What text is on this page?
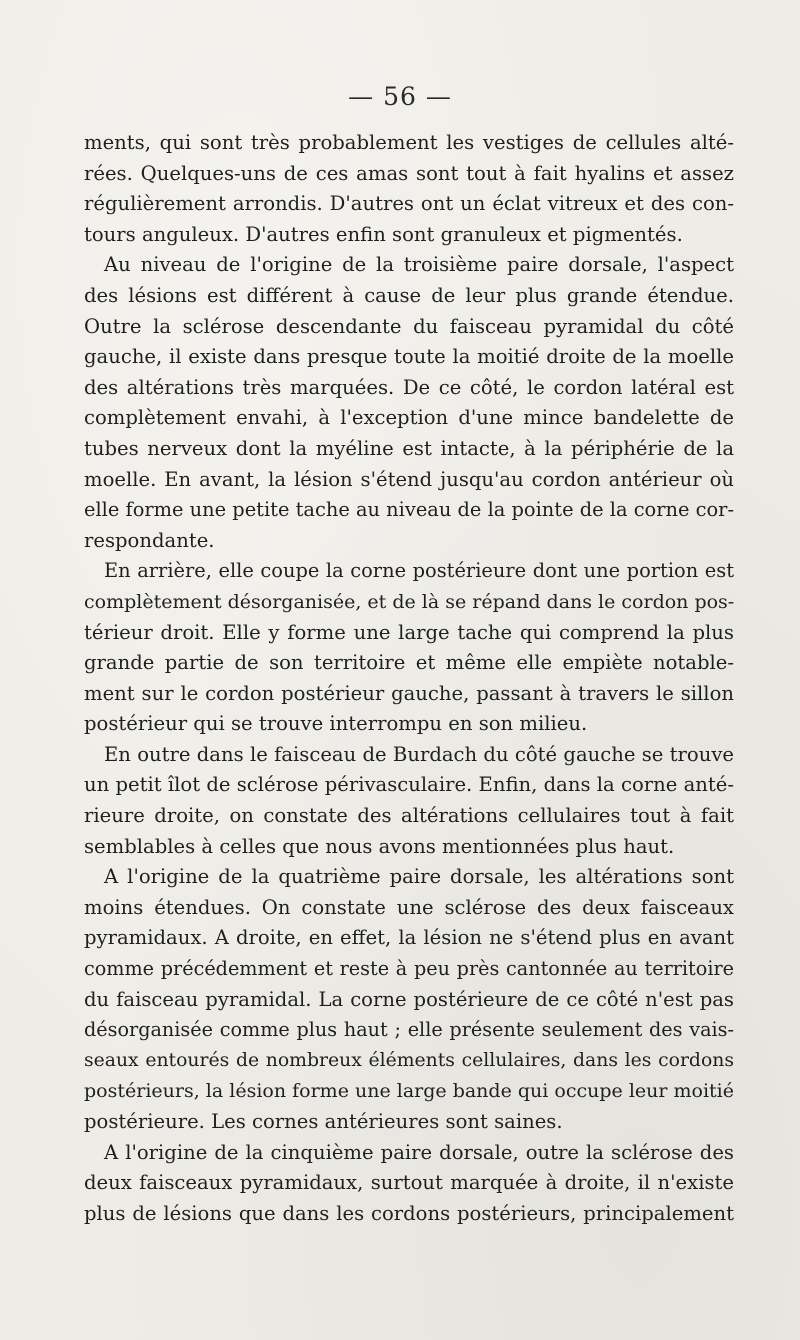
— 56 —
ments, qui sont très probablement les vestiges de cellules alté-
rées. Quelques-uns de ces amas sont tout à fait hyalins et assez
régulièrement arrondis. D'autres ont un éclat vitreux et des con-
tours anguleux. D'autres enfin sont granuleux et pigmentés.
Au niveau de l'origine de la troisième paire dorsale, l'aspect
des lésions est différent à cause de leur plus grande étendue.
Outre la sclérose descendante du faisceau pyramidal du côté
gauche, il existe dans presque toute la moitié droite de la moelle
des altérations très marquées. De ce côté, le cordon latéral est
complètement envahi, à l'exception d'une mince bandelette de
tubes nerveux dont la myéline est intacte, à la périphérie de la
moelle. En avant, la lésion s'étend jusqu'au cordon antérieur où
elle forme une petite tache au niveau de la pointe de la corne cor-
respondante.
En arrière, elle coupe la corne postérieure dont une portion est
complètement désorganisée, et de là se répand dans le cordon pos-
térieur droit. Elle y forme une large tache qui comprend la plus
grande partie de son territoire et même elle empiète notable-
ment sur le cordon postérieur gauche, passant à travers le sillon
postérieur qui se trouve interrompu en son milieu.
En outre dans le faisceau de Burdach du côté gauche se trouve
un petit îlot de sclérose périvasculaire. Enfin, dans la corne anté-
rieure droite, on constate des altérations cellulaires tout à fait
semblables à celles que nous avons mentionnées plus haut.
A l'origine de la quatrième paire dorsale, les altérations sont
moins étendues. On constate une sclérose des deux faisceaux
pyramidaux. A droite, en effet, la lésion ne s'étend plus en avant
comme précédemment et reste à peu près cantonnée au territoire
du faisceau pyramidal. La corne postérieure de ce côté n'est pas
désorganisée comme plus haut ; elle présente seulement des vais-
seaux entourés de nombreux éléments cellulaires, dans les cordons
postérieurs, la lésion forme une large bande qui occupe leur moitié
postérieure. Les cornes antérieures sont saines.
A l'origine de la cinquième paire dorsale, outre la sclérose des
deux faisceaux pyramidaux, surtout marquée à droite, il n'existe
plus de lésions que dans les cordons postérieurs, principalement
